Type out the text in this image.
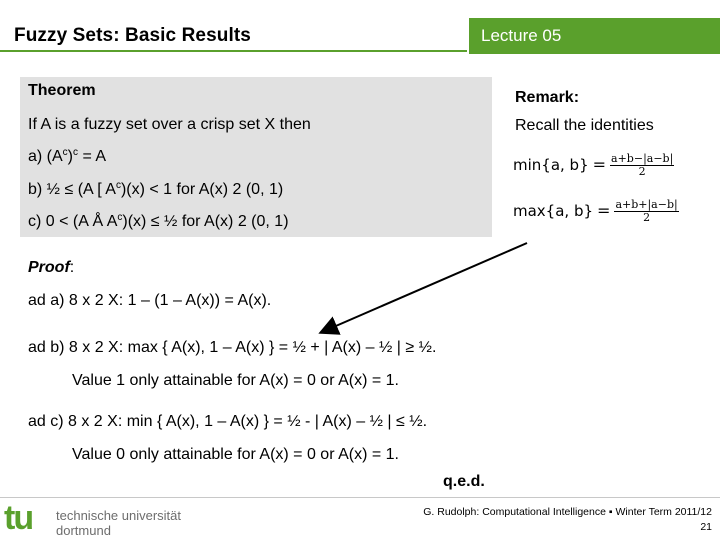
Fuzzy Sets: Basic Results	Lecture 05
Theorem
If A is a fuzzy set over a crisp set X then
a) $(A^c)^c = A$
b) ½ ≤ (A [ $A^c)(x) < 1$ for A(x) 2 (0, 1)
c) 0 < (A Å $A^c)(x)$ ≤ ½ for A(x) 2 (0, 1)
Remark:
Recall the identities
min{a, $b\} = \frac{a+b-|a-b|}{2}$
max{a, $b\} = \frac{a+b+|a-b|}{2}$
Proof:
ad a) 8 x 2 X: 1 – (1 – A(x)) = A(x).
ad b) 8 x 2 X: max { A(x), 1 – A(x) } = ½ + | A(x) – ½ | ≥ ½.
Value 1 only attainable for A(x) = 0 or A(x) = 1.
ad c) 8 x 2 X: min { A(x), 1 – A(x) } = ½ - | A(x) – ½ | ≤ ½.
Value 0 only attainable for A(x) = 0 or A(x) = 1.
q.e.d.
tu technische universität
dortmund
G. Rudolph: Computational Intelligence ▪ Winter Term 2011/12
21
